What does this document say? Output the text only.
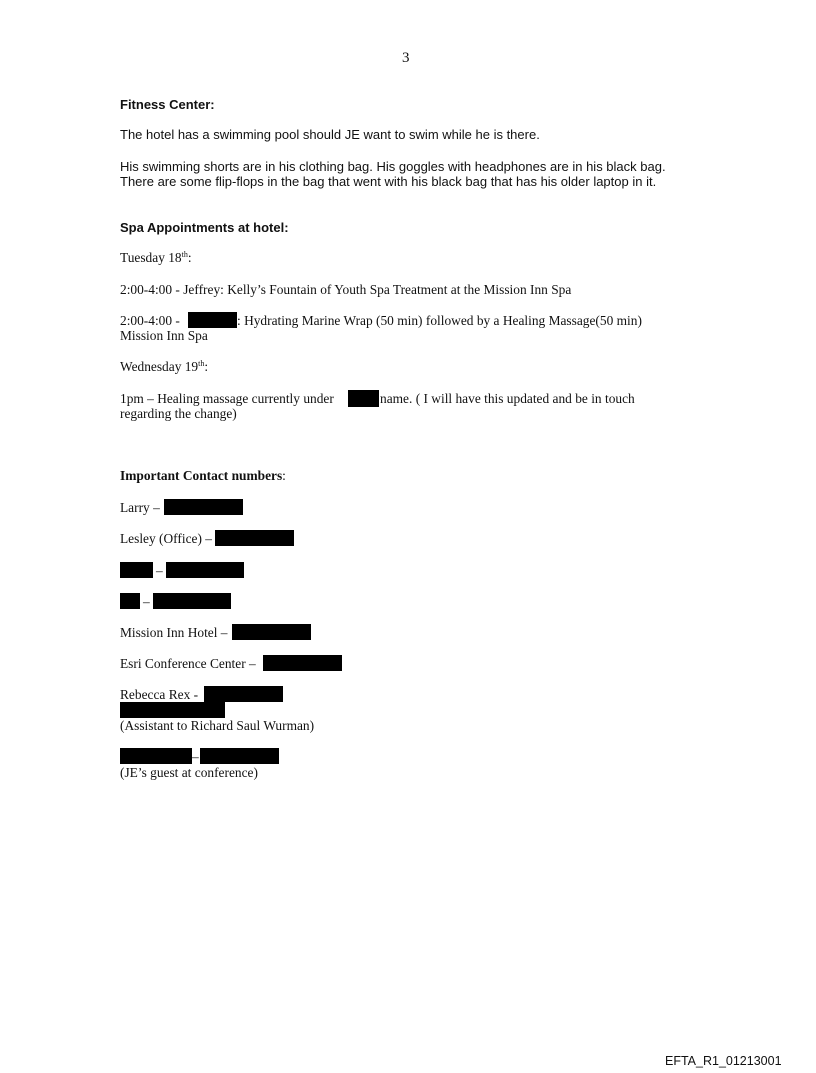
3
Fitness Center:
The hotel has a swimming pool should JE want to swim while he is there.
His swimming shorts are in his clothing bag. His goggles with headphones are in his black bag.
There are some flip-flops in the bag that went with his black bag that has his older laptop in it.
Spa Appointments at hotel:
Tuesday 18th:
2:00-4:00 - Jeffrey: Kelly’s Fountain of Youth Spa Treatment at the Mission Inn Spa
2:00-4:00 -	: Hydrating Marine Wrap (50 min) followed by a Healing Massage(50 min)
Mission Inn Spa
Wednesday 19th:
1pm – Healing massage currently under	name. ( I will have this updated and be in touch
regarding the change)
Important Contact numbers:
Larry –
Lesley (Office) –
–
–
Mission Inn Hotel –
Esri Conference Center –
Rebecca Rex -
(Assistant to Richard Saul Wurman)
–
(JE’s guest at conference)
EFTA_R1_01213001
